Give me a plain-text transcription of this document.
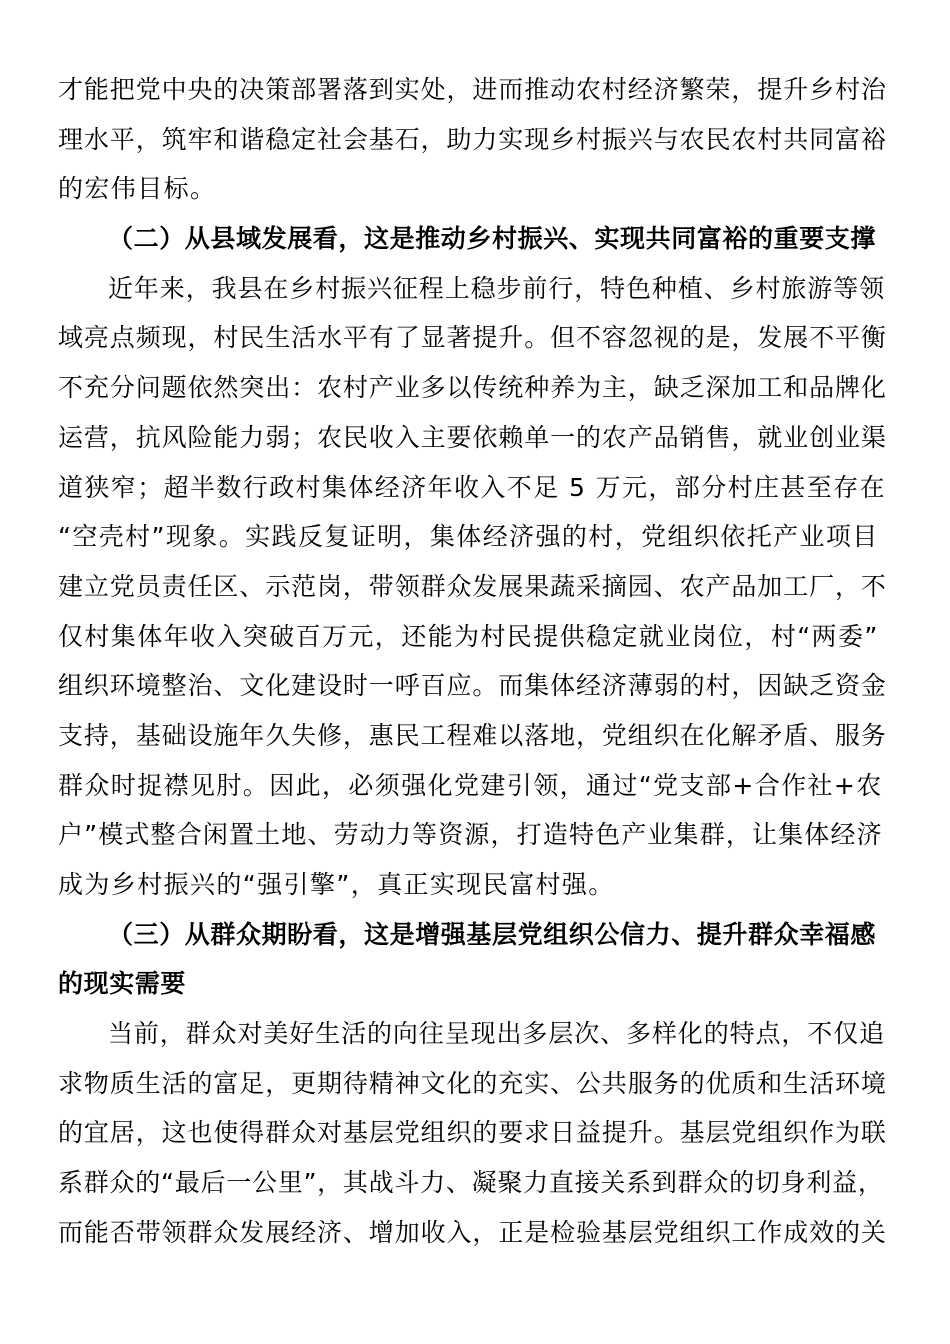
才能把党中央的决策部署落到实处，进而推动农村经济繁荣，提升乡村治
理水平，筑牢和谐稳定社会基石，助力实现乡村振兴与农民农村共同富裕
的宏伟目标。
（二）从县域发展看，这是推动乡村振兴、实现共同富裕的重要支撑
近年来，我县在乡村振兴征程上稳步前行，特色种植、乡村旅游等领
域亮点频现，村民生活水平有了显著提升。但不容忽视的是，发展不平衡
不充分问题依然突出：农村产业多以传统种养为主，缺乏深加工和品牌化
运营，抗风险能力弱；农民收入主要依赖单一的农产品销售，就业创业渠
道狭窄；超半数行政村集体经济年收入不足 5 万元，部分村庄甚至存在
“空壳村”现象。实践反复证明，集体经济强的村，党组织依托产业项目
建立党员责任区、示范岗，带领群众发展果蔬采摘园、农产品加工厂，不
仅村集体年收入突破百万元，还能为村民提供稳定就业岗位，村“两委”
组织环境整治、文化建设时一呼百应。而集体经济薄弱的村，因缺乏资金
支持，基础设施年久失修，惠民工程难以落地，党组织在化解矛盾、服务
群众时捉襟见肘。因此，必须强化党建引领，通过“党支部+合作社+农
户”模式整合闲置土地、劳动力等资源，打造特色产业集群，让集体经济
成为乡村振兴的“强引擎”，真正实现民富村强。
（三）从群众期盼看，这是增强基层党组织公信力、提升群众幸福感
的现实需要
当前，群众对美好生活的向往呈现出多层次、多样化的特点，不仅追
求物质生活的富足，更期待精神文化的充实、公共服务的优质和生活环境
的宜居，这也使得群众对基层党组织的要求日益提升。基层党组织作为联
系群众的“最后一公里”，其战斗力、凝聚力直接关系到群众的切身利益，
而能否带领群众发展经济、增加收入，正是检验基层党组织工作成效的关
